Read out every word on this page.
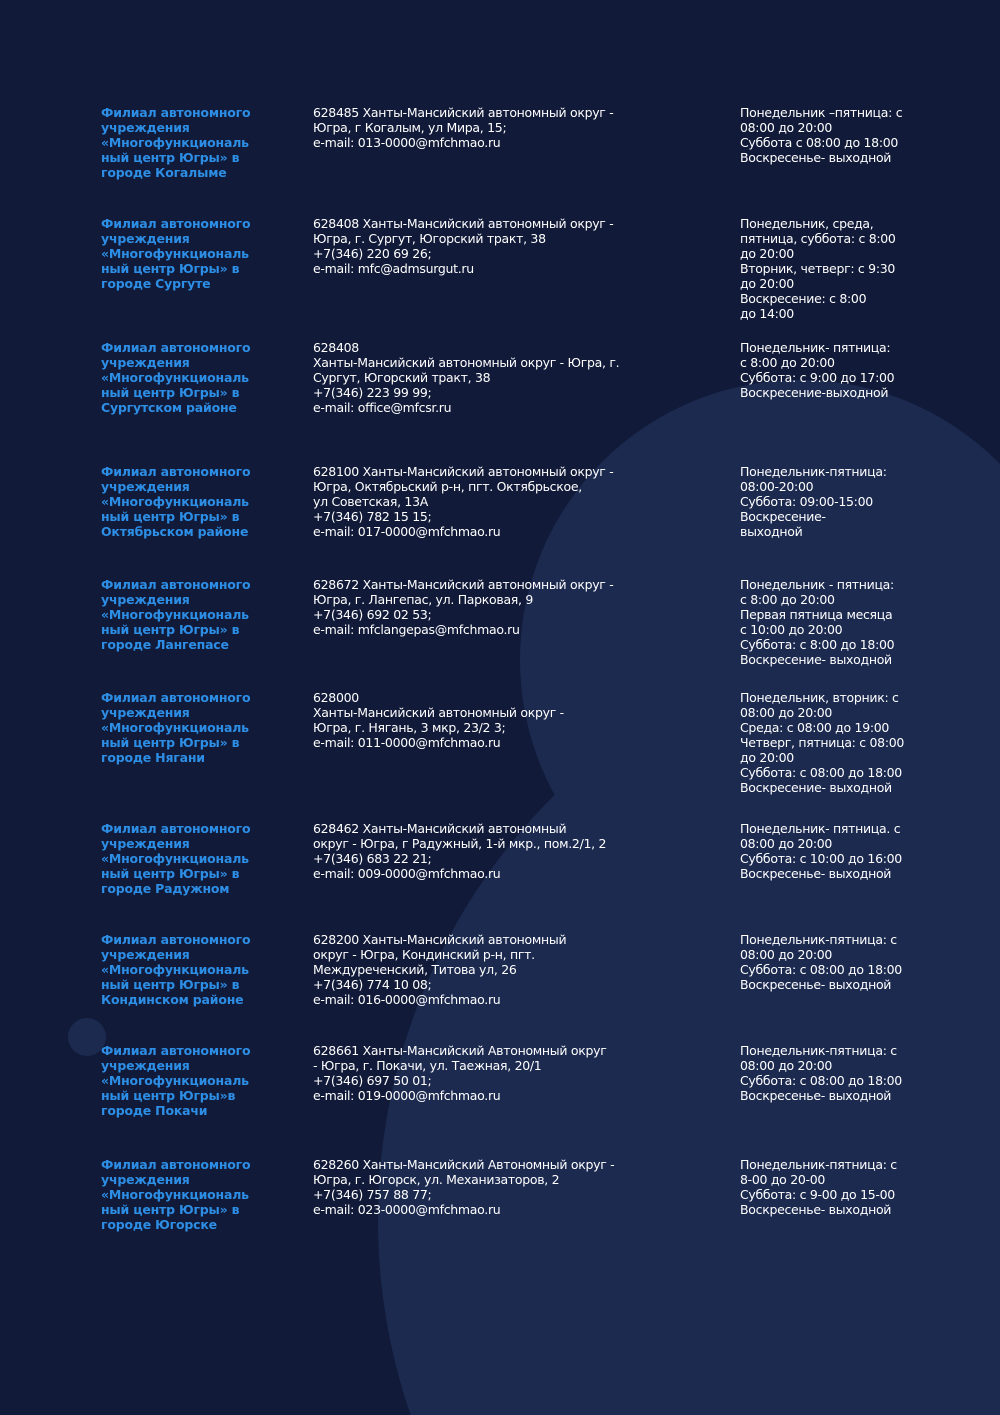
Филиал автономного
учреждения
«Многофункциональ
ный центр Югры» в
городе Когалыме
628485 Ханты-Мансийский автономный округ -
Югра, г Когалым, ул Мира, 15;
e-mail: 013-0000@mfchmao.ru
Понедельник –пятница: с
08:00 до 20:00
Суббота с 08:00 до 18:00
Воскресенье- выходной
Филиал автономного
учреждения
«Многофункциональ
ный центр Югры» в
городе Сургуте
628408 Ханты-Мансийский автономный округ -
Югра, г. Сургут, Югорский тракт, 38
+7(346) 220 69 26;
e-mail: mfc@admsurgut.ru
Понедельник, среда,
пятница, суббота: с 8:00
до 20:00
Вторник, четверг: с 9:30
до 20:00
Воскресение: с 8:00
до 14:00
Филиал автономного
учреждения
«Многофункциональ
ный центр Югры» в
Сургутском районе
628408
Ханты-Мансийский автономный округ - Югра, г.
Сургут, Югорский тракт, 38
+7(346) 223 99 99;
e-mail: office@mfcsr.ru
Понедельник- пятница:
с 8:00 до 20:00
Суббота: с 9:00 до 17:00
Воскресение-выходной
Филиал автономного
учреждения
«Многофункциональ
ный центр Югры» в
Октябрьском районе
628100 Ханты-Мансийский автономный округ -
Югра, Октябрьский р-н, пгт. Октябрьское,
ул Советская, 13А
+7(346) 782 15 15;
e-mail: 017-0000@mfchmao.ru
Понедельник-пятница:
08:00-20:00
Суббота: 09:00-15:00
Воскресение-
выходной
Филиал автономного
учреждения
«Многофункциональ
ный центр Югры» в
городе Лангепасе
628672 Ханты-Мансийский автономный округ -
Югра, г. Лангепас, ул. Парковая, 9
+7(346) 692 02 53;
e-mail: mfclangepas@mfchmao.ru
Понедельник - пятница:
с 8:00 до 20:00
Первая пятница месяца
с 10:00 до 20:00
Суббота: с 8:00 до 18:00
Воскресение- выходной
Филиал автономного
учреждения
«Многофункциональ
ный центр Югры» в
городе Нягани
628000
Ханты-Мансийский автономный округ -
Югра, г. Нягань, 3 мкр, 23/2 3;
e-mail: 011-0000@mfchmao.ru
Понедельник, вторник: с
08:00 до 20:00
Среда: с 08:00 до 19:00
Четверг, пятница: с 08:00
до 20:00
Суббота: с 08:00 до 18:00
Воскресение- выходной
Филиал автономного
учреждения
«Многофункциональ
ный центр Югры» в
городе Радужном
628462 Ханты-Мансийский автономный
округ - Югра, г Радужный, 1-й мкр., пом.2/1, 2
+7(346) 683 22 21;
e-mail: 009-0000@mfchmao.ru
Понедельник- пятница. с
08:00 до 20:00
Суббота: с 10:00 до 16:00
Воскресенье- выходной
Филиал автономного
учреждения
«Многофункциональ
ный центр Югры» в
Кондинском районе
628200 Ханты-Мансийский автономный
округ - Югра, Кондинский р-н, пгт.
Междуреченский, Титова ул, 26
+7(346) 774 10 08;
e-mail: 016-0000@mfchmao.ru
Понедельник-пятница: с
08:00 до 20:00
Суббота: с 08:00 до 18:00
Воскресенье- выходной
Филиал автономного
учреждения
«Многофункциональ
ный центр Югры»в
городе Покачи
628661 Ханты-Мансийский Автономный округ
- Югра, г. Покачи, ул. Таежная, 20/1
+7(346) 697 50 01;
e-mail: 019-0000@mfchmao.ru
Понедельник-пятница: с
08:00 до 20:00
Суббота: с 08:00 до 18:00
Воскресенье- выходной
Филиал автономного
учреждения
«Многофункциональ
ный центр Югры» в
городе Югорске
628260 Ханты-Мансийский Автономный округ -
Югра, г. Югорск, ул. Механизаторов, 2
+7(346) 757 88 77;
e-mail: 023-0000@mfchmao.ru
Понедельник-пятница: с
8-00 до 20-00
Суббота: с 9-00 до 15-00
Воскресенье- выходной
